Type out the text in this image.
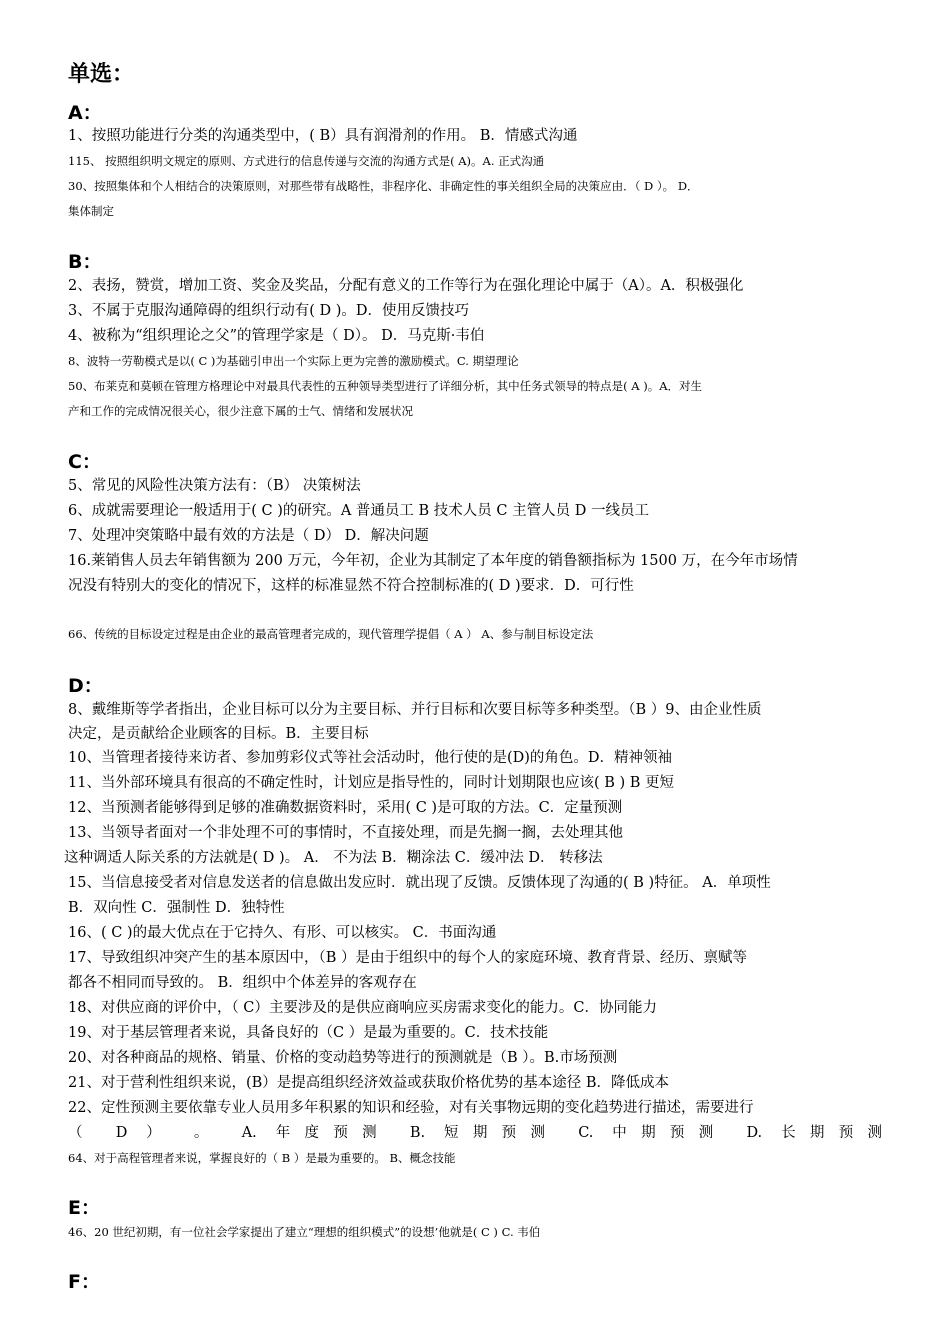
单选：
A：

1、按照功能进行分类的沟通类型中，( B）具有润滑剂的作用。 B．情感式沟通

115、 按照组织明文规定的原则、方式进行的信息传递与交流的沟通方式是( A)。A. 正式沟通

30、按照集体和个人相结合的决策原则，对那些带有战略性，非程序化、非确定性的事关组织全局的决策应由．（ D ）。 D．

集体制定

B：

2、表扬，赞赏，增加工资、奖金及奖品，分配有意义的工作等行为在强化理论中属于（A）。A．积极强化

3、不属于克服沟通障碍的组织行动有( D )。D．使用反馈技巧

4、被称为“组织理论之父”的管理学家是（ D）。 D．马克斯·韦伯

8、波特一劳勒模式是以( C )为基础引申出一个实际上更为完善的激励模式。C. 期望理论

50、布莱克和莫顿在管理方格理论中对最具代表性的五种领导类型进行了详细分析，其中任务式领导的特点是( A )。A．对生

产和工作的完成情况很关心，很少注意下属的士气、情绪和发展状况

C：

5、常见的风险性决策方法有：（B） 决策树法

6、成就需要理论一般适用于( C )的研究。A 普通员工 B 技术人员 C 主管人员 D 一线员工

7、处理冲突策略中最有效的方法是（ D） D．解决问题

16.莱销售人员去年销售额为 200 万元，今年初，企业为其制定了本年度的销鲁额指标为 1500 万，在今年市场情

况没有特别大的变化的情况下，这样的标准显然不符合控制标准的( D )要求．D．可行性

66、传统的目标设定过程是由企业的最高管理者完成的，现代管理学提倡（ A ） A、参与制目标设定法

D：

8、戴维斯等学者指出，企业目标可以分为主要目标、并行目标和次要目标等多种类型。（B ）9、由企业性质

决定，是贡献给企业顾客的目标。B．主要目标

10、当管理者接待来访者、参加剪彩仪式等社会活动时，他行使的是(D)的角色。D．精神领袖

11、当外部环境具有很高的不确定性时，计划应是指导性的，同时计划期限也应该( B ) B 更短

12、当预测者能够得到足够的准确数据资料时，采用( C )是可取的方法。C．定量预测

13、当领导者面对一个非处理不可的事情时，不直接处理，而是先搁一搁，去处理其他

这种调适人际关系的方法就是( D )。 A． 不为法 B．糊涂法 C．缓冲法 D． 转移法

15、当信息接受者对信息发送者的信息做出发应时．就出现了反馈。反馈体现了沟通的( B )特征。 A．单项性

B．双向性 C．强制性 D．独特性

16、( C )的最大优点在于它持久、有形、可以核实。 C．书面沟通

17、导致组织冲突产生的基本原因中，（B ）是由于组织中的每个人的家庭环境、教育背景、经历、禀赋等

都各不相同而导致的。 B．组织中个体差异的客观存在

18、对供应商的评价中，（ C）主要涉及的是供应商响应买房需求变化的能力。C．协同能力

19、对于基层管理者来说，具备良好的（C ）是最为重要的。C．技术技能

20、对各种商品的规格、销量、价格的变动趋势等进行的预测就是（B ）。B.市场预测

21、对于营利性组织来说，(B）是提高组织经济效益或获取价格优势的基本途径 B．降低成本

22、定性预测主要依靠专业人员用多年积累的知识和经验，对有关事物远期的变化趋势进行描述，需要进行

（ D ） 。 A. 年度预测 B. 短期预测 C. 中期预测 D. 长期预测

64、对于高程管理者来说，掌握良好的（ B ）是最为重要的。 B、概念技能

E：

46、20 世纪初期，有一位社会学家提出了建立“理想的组织模式”的设想’他就是( C ) C. 韦伯

F：
